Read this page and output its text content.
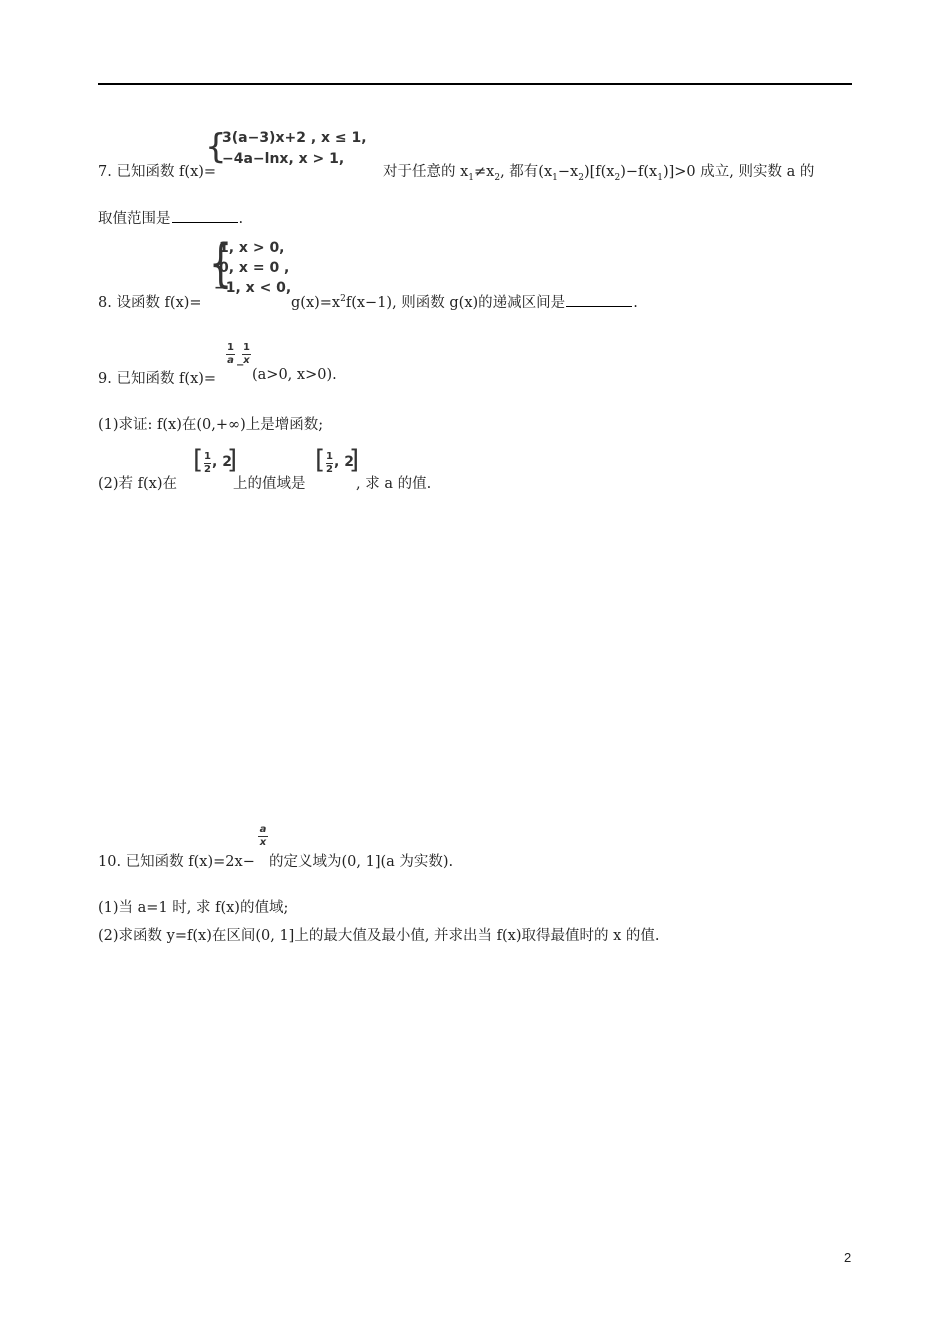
{
3(a−3)x+2 , x ≤ 1,
−4a−lnx, x > 1,
7. 已知函数 f(x)=	对于任意的 $x_1\ne x_2$, 都有$(x_1-x_2)[f(x_2)-f(x_1)]>0$ 成立, 则实数 a 的
取值范围是	.
{
1, x > 0,
0, x = 0 ,
−1, x < 0,
8. 设函数 f(x)=	$g(x)=x^2f(x-1)$, 则函数 g(x)的递减区间是	.
1
a −
1
x
9. 已知函数 f(x)= (a>0, x>0).
(1)求证: f(x)在(0,+∞)上是增函数;
(2)若 f(x)在
[ 1
2 , 2
]
上的值域是
[ 1
2 , 2
]
, 求 a 的值.
a
x
10. 已知函数 f(x)=2x− 的定义域为(0, 1](a 为实数).
(1)当 a=1 时, 求 f(x)的值域;
(2)求函数 y=f(x)在区间(0, 1]上的最大值及最小值, 并求出当 f(x)取得最值时的 x 的值.
2
